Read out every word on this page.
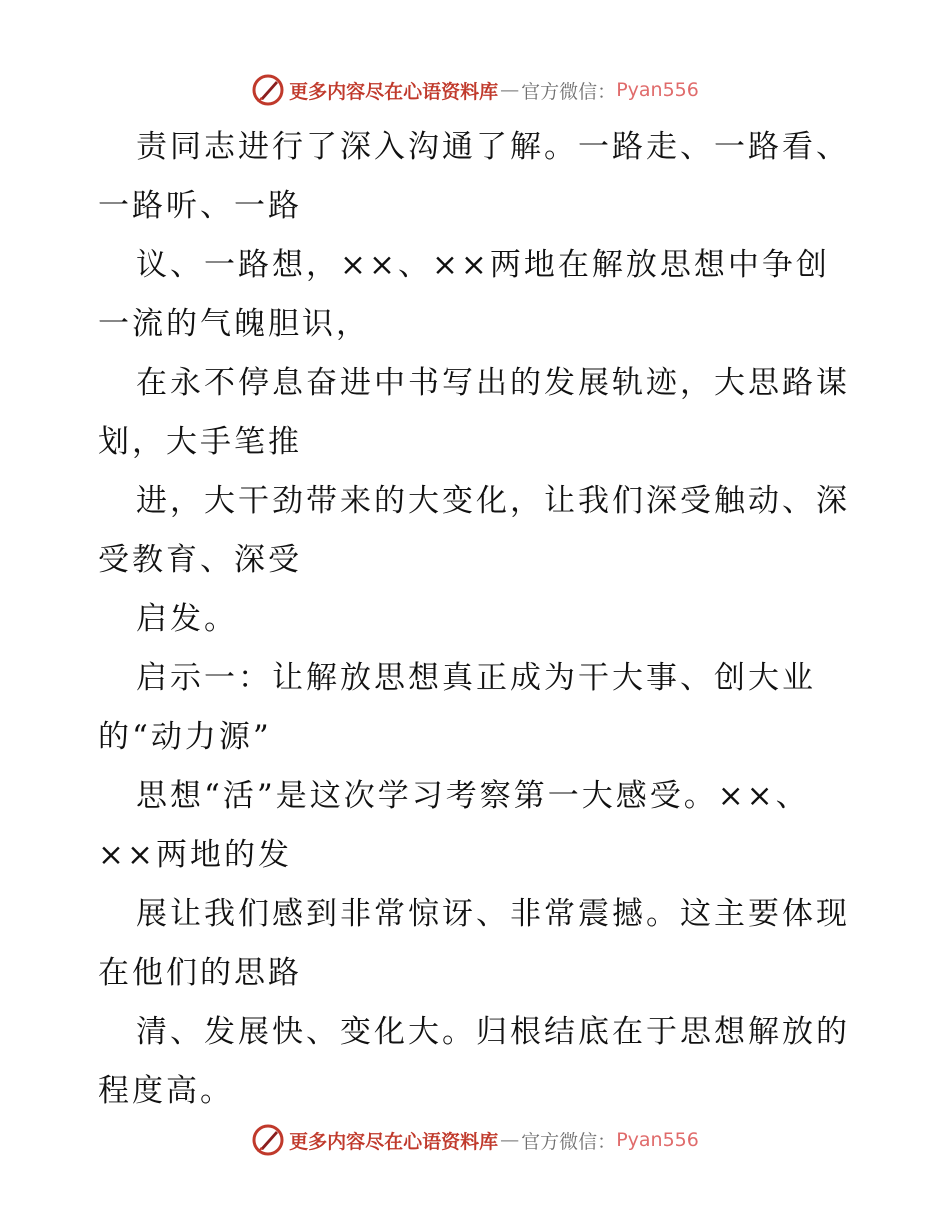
更多内容尽在心语资料库 — 官方微信： Pyan556
责同志进行了深入沟通了解。一路走、一路看、
一路听、一路
议、一路想，××、××两地在解放思想中争创
一流的气魄胆识，
在永不停息奋进中书写出的发展轨迹，大思路谋
划，大手笔推
进，大干劲带来的大变化，让我们深受触动、深
受教育、深受
启发。
启示一：让解放思想真正成为干大事、创大业
的“动力源”
思想“活”是这次学习考察第一大感受。××、
××两地的发
展让我们感到非常惊讶、非常震撼。这主要体现
在他们的思路
清、发展快、变化大。归根结底在于思想解放的
程度高。
更多内容尽在心语资料库 — 官方微信： Pyan556
